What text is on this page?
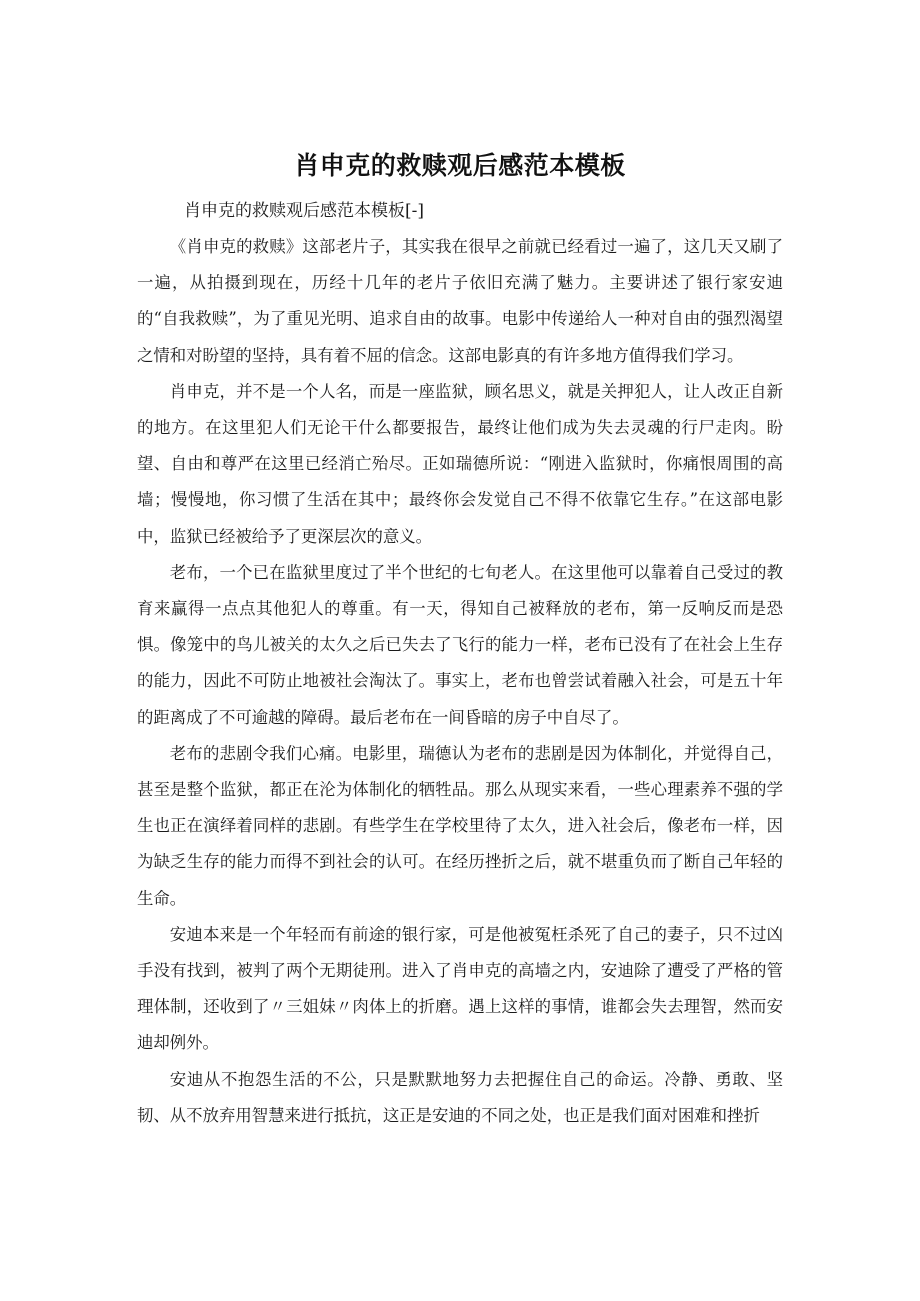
肖申克的救赎观后感范本模板
肖申克的救赎观后感范本模板[-]

《肖申克的救赎》这部老片子，其实我在很早之前就已经看过一遍了，这几天又刷了一遍，从拍摄到现在，历经十几年的老片子依旧充满了魅力。主要讲述了银行家安迪的“自我救赎”，为了重见光明、追求自由的故事。电影中传递给人一种对自由的强烈渴望之情和对盼望的坚持，具有着不屈的信念。这部电影真的有许多地方值得我们学习。

肖申克，并不是一个人名，而是一座监狱，顾名思义，就是关押犯人，让人改正自新的地方。在这里犯人们无论干什么都要报告，最终让他们成为失去灵魂的行尸走肉。盼望、自由和尊严在这里已经消亡殆尽。正如瑞德所说：“刚进入监狱时，你痛恨周围的高墙；慢慢地，你习惯了生活在其中；最终你会发觉自己不得不依靠它生存。”在这部电影中，监狱已经被给予了更深层次的意义。

老布，一个已在监狱里度过了半个世纪的七旬老人。在这里他可以靠着自己受过的教育来赢得一点点其他犯人的尊重。有一天，得知自己被释放的老布，第一反响反而是恐惧。像笼中的鸟儿被关的太久之后已失去了飞行的能力一样，老布已没有了在社会上生存的能力，因此不可防止地被社会淘汰了。事实上，老布也曾尝试着融入社会，可是五十年的距离成了不可逾越的障碍。最后老布在一间昏暗的房子中自尽了。

老布的悲剧令我们心痛。电影里，瑞德认为老布的悲剧是因为体制化，并觉得自己，甚至是整个监狱，都正在沦为体制化的牺牲品。那么从现实来看，一些心理素养不强的学生也正在演绎着同样的悲剧。有些学生在学校里待了太久，进入社会后，像老布一样，因为缺乏生存的能力而得不到社会的认可。在经历挫折之后，就不堪重负而了断自己年轻的生命。

安迪本来是一个年轻而有前途的银行家，可是他被冤枉杀死了自己的妻子，只不过凶手没有找到，被判了两个无期徒刑。进入了肖申克的高墙之内，安迪除了遭受了严格的管理体制，还收到了〃三姐妹〃肉体上的折磨。遇上这样的事情，谁都会失去理智，然而安迪却例外。

安迪从不抱怨生活的不公，只是默默地努力去把握住自己的命运。冷静、勇敢、坚韧、从不放弃用智慧来进行抵抗，这正是安迪的不同之处，也正是我们面对困难和挫折
